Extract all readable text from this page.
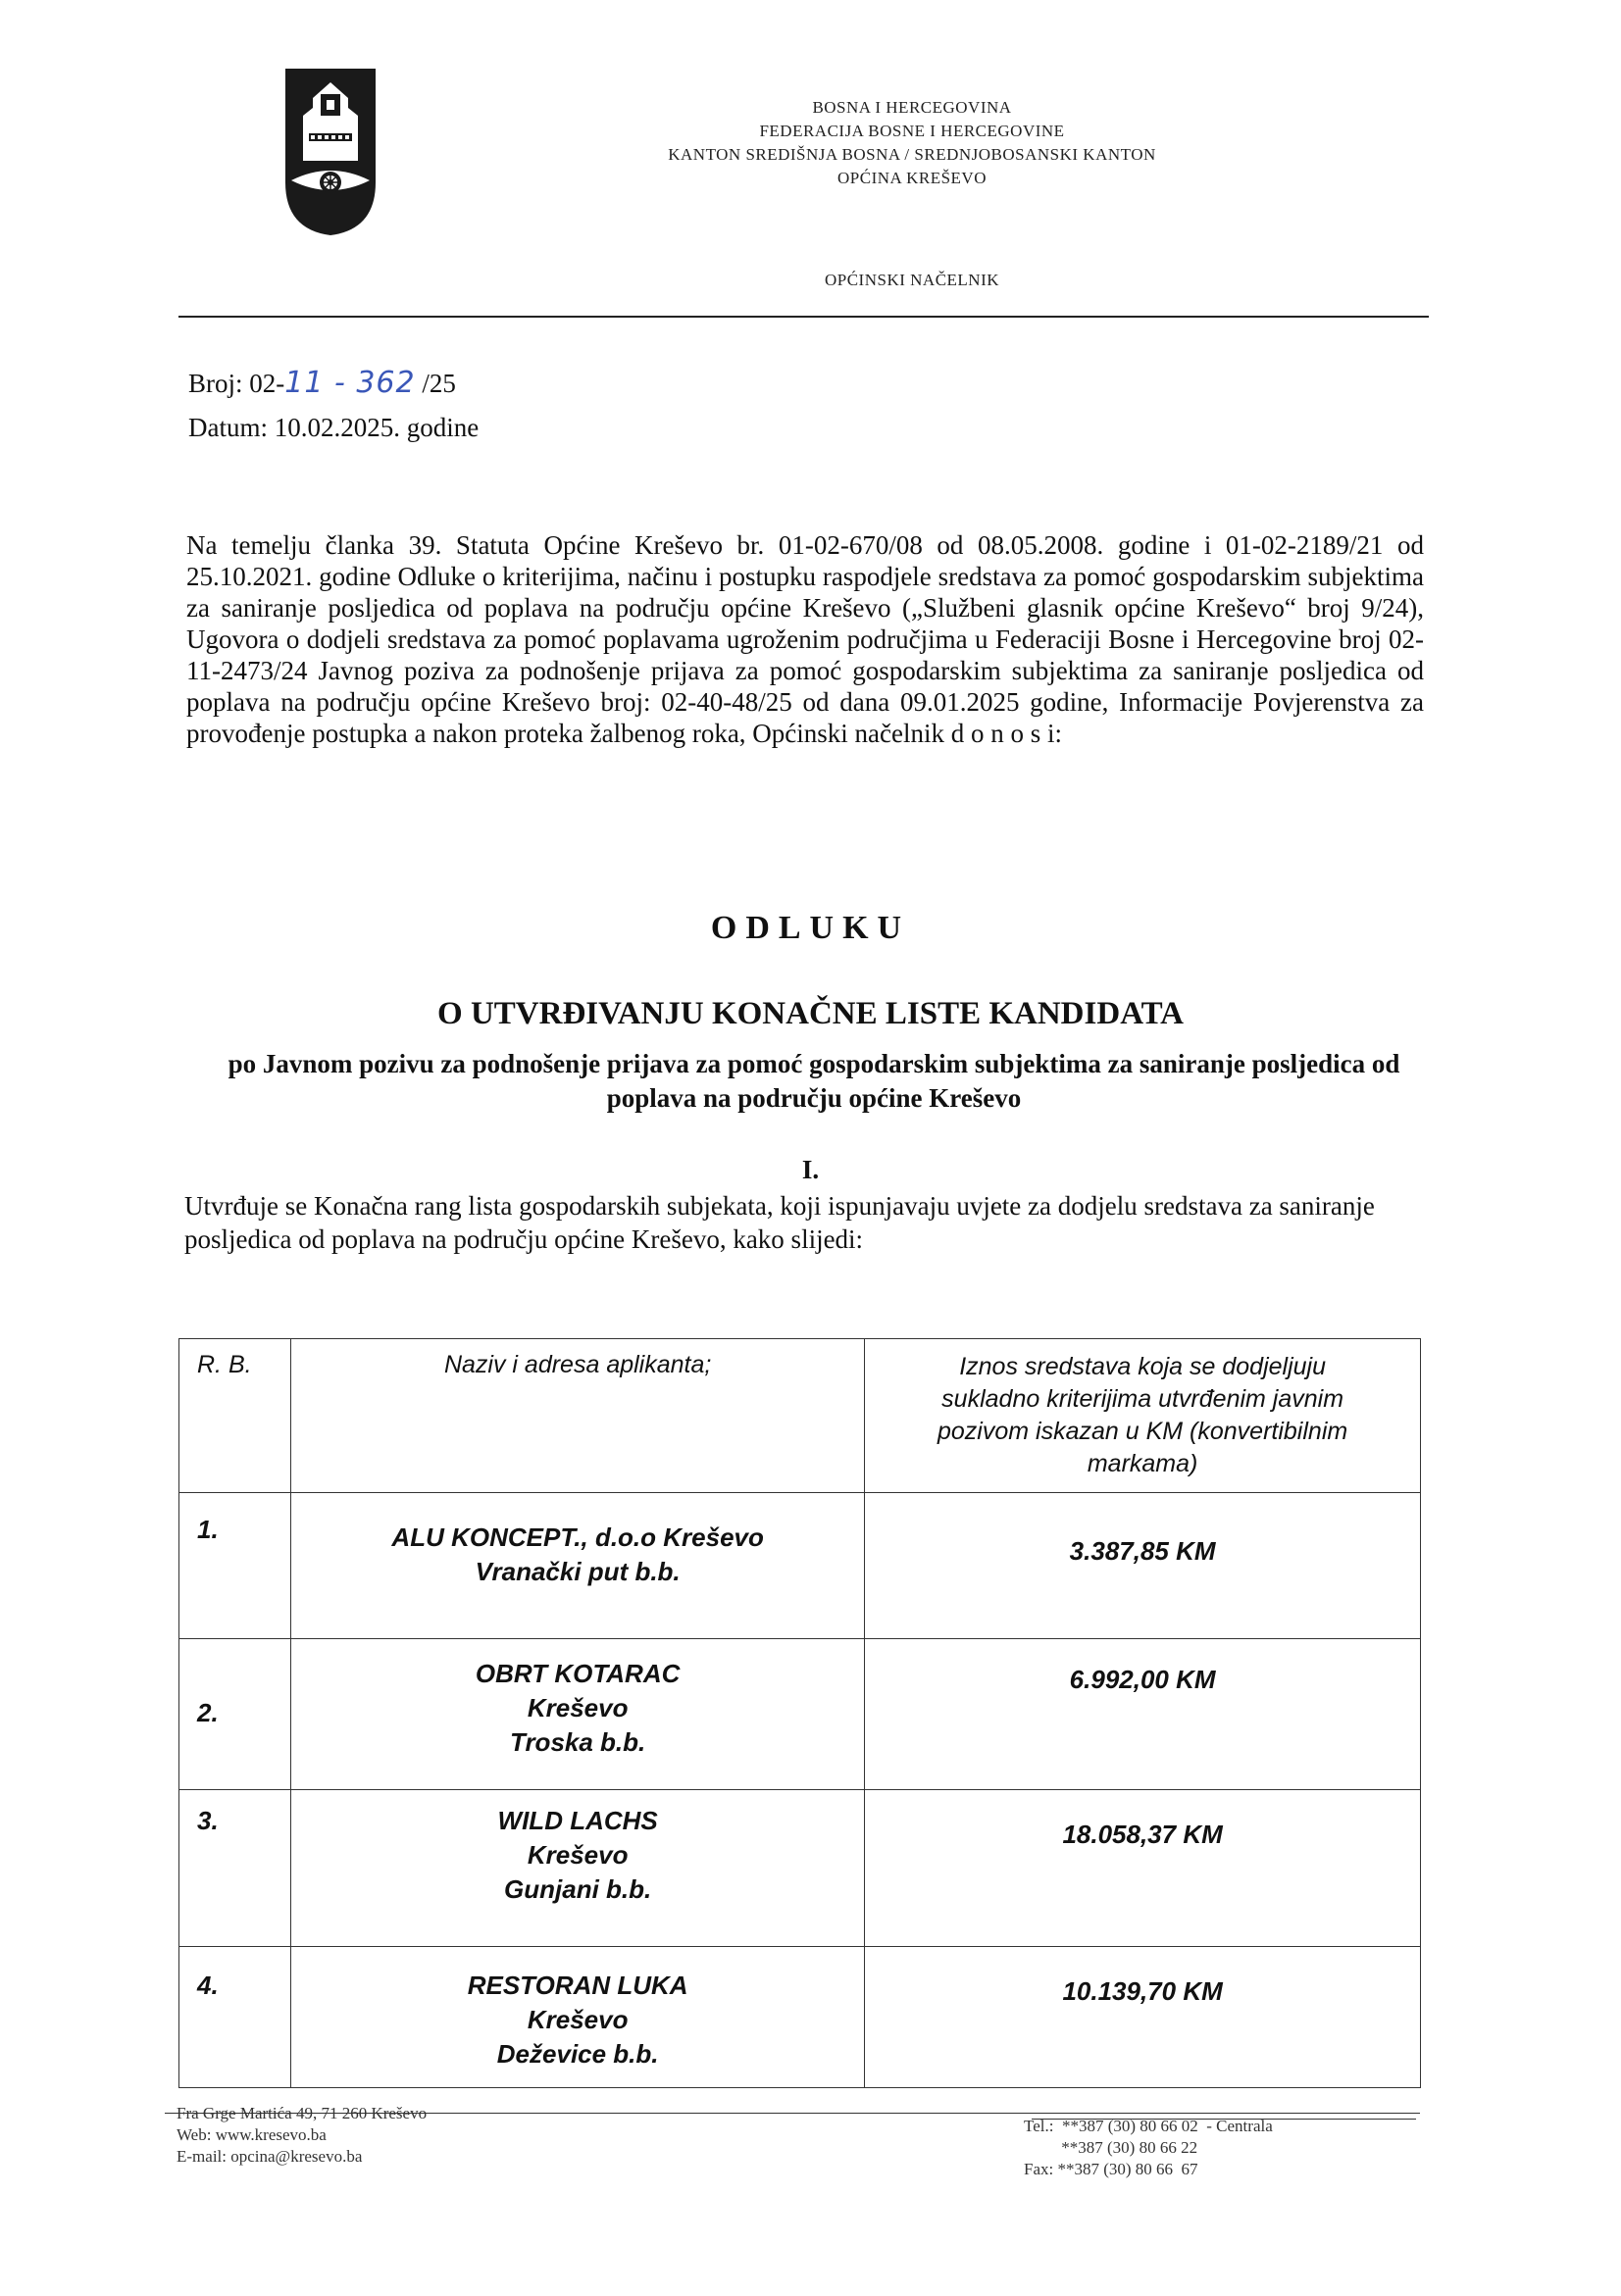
BOSNA I HERCEGOVINA
FEDERACIJA BOSNE I HERCEGOVINE
KANTON SREDIŠNJA BOSNA / SREDNJOBOSANSKI KANTON
OPĆINA KREŠEVO
OPĆINSKI NAČELNIK
Broj: 02-11 - 362 /25
Datum: 10.02.2025. godine
Na temelju članka 39. Statuta Općine Kreševo br. 01-02-670/08 od 08.05.2008. godine i 01-02-2189/21 od 25.10.2021. godine Odluke o kriterijima, načinu i postupku raspodjele sredstava za pomoć gospodarskim subjektima za saniranje posljedica od poplava na području općine Kreševo („Službeni glasnik općine Kreševo“ broj 9/24), Ugovora o dodjeli sredstava za pomoć poplavama ugroženim područjima u Federaciji Bosne i Hercegovine broj 02-11-2473/24 Javnog poziva za podnošenje prijava za pomoć gospodarskim subjektima za saniranje posljedica od poplava na području općine Kreševo broj: 02-40-48/25 od dana 09.01.2025 godine, Informacije Povjerenstva za provođenje postupka a nakon proteka žalbenog roka, Općinski načelnik d o n o s i:
ODLUKU
O UTVRĐIVANJU KONAČNE LISTE KANDIDATA
po Javnom pozivu za podnošenje prijava za pomoć gospodarskim subjektima za saniranje posljedica od poplava na području općine Kreševo
I.
Utvrđuje se Konačna rang lista gospodarskih subjekata, koji ispunjavaju uvjete za dodjelu sredstava za saniranje posljedica od poplava na području općine Kreševo, kako slijedi:
R. B.	Naziv i adresa aplikanta;	Iznos sredstava koja se dodjeljuju sukladno kriterijima utvrđenim javnim pozivom iskazan u KM (konvertibilnim markama)

1.	ALU KONCEPT., d.o.o Kreševo
Vranački put b.b.	3.387,85 KM
2.	OBRT KOTARAC
Kreševo
Troska b.b.	6.992,00 KM
3.	WILD LACHS
Kreševo
Gunjani b.b.	18.058,37 KM
4.	RESTORAN LUKA
Kreševo
Deževice b.b.	10.139,70 KM
Fra Grge Martića 49, 71 260 Kreševo
Web: www.kresevo.ba
E-mail: opcina@kresevo.ba
Tel.:  **387 (30) 80 66 02  - Centrala
**387 (30) 80 66 22
Fax: **387 (30) 80 66  67
